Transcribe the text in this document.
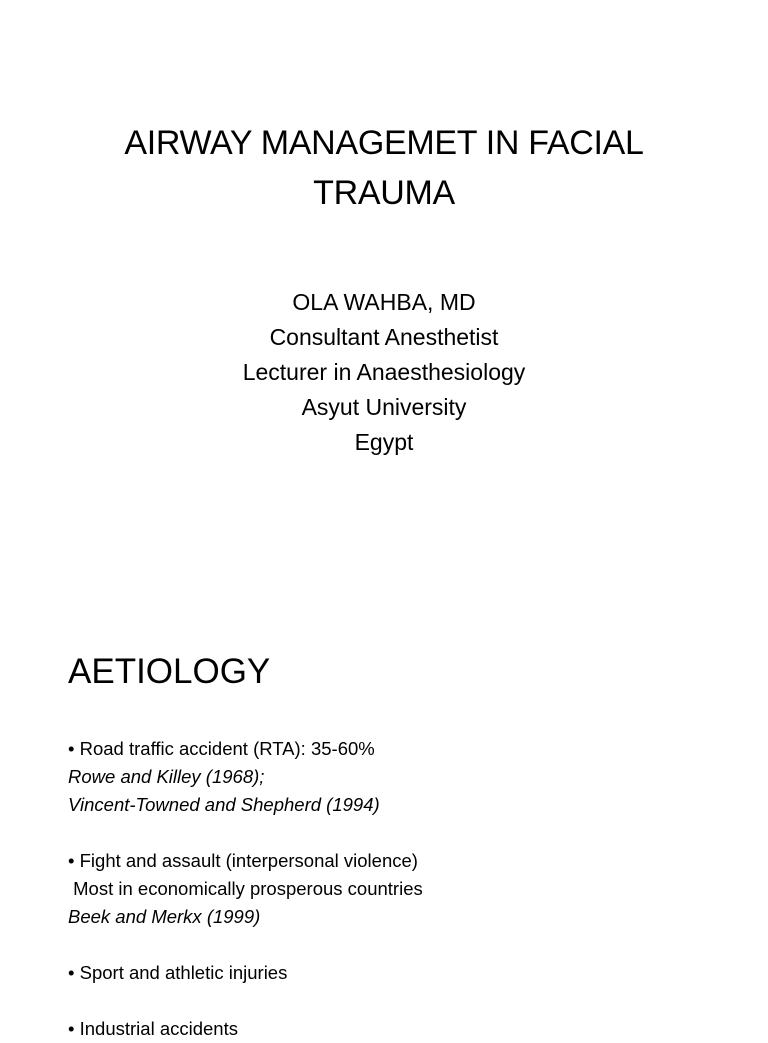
AIRWAY MANAGEMET IN FACIAL
TRAUMA
OLA WAHBA, MD
Consultant Anesthetist
Lecturer in Anaesthesiology
Asyut University
Egypt
AETIOLOGY
• Road traffic accident (RTA): 35-60%
Rowe and Killey (1968);
Vincent-Towned and Shepherd (1994)
• Fight and assault (interpersonal violence)
Most in economically prosperous countries
Beek and Merkx (1999)
• Sport and athletic injuries
• Industrial accidents
